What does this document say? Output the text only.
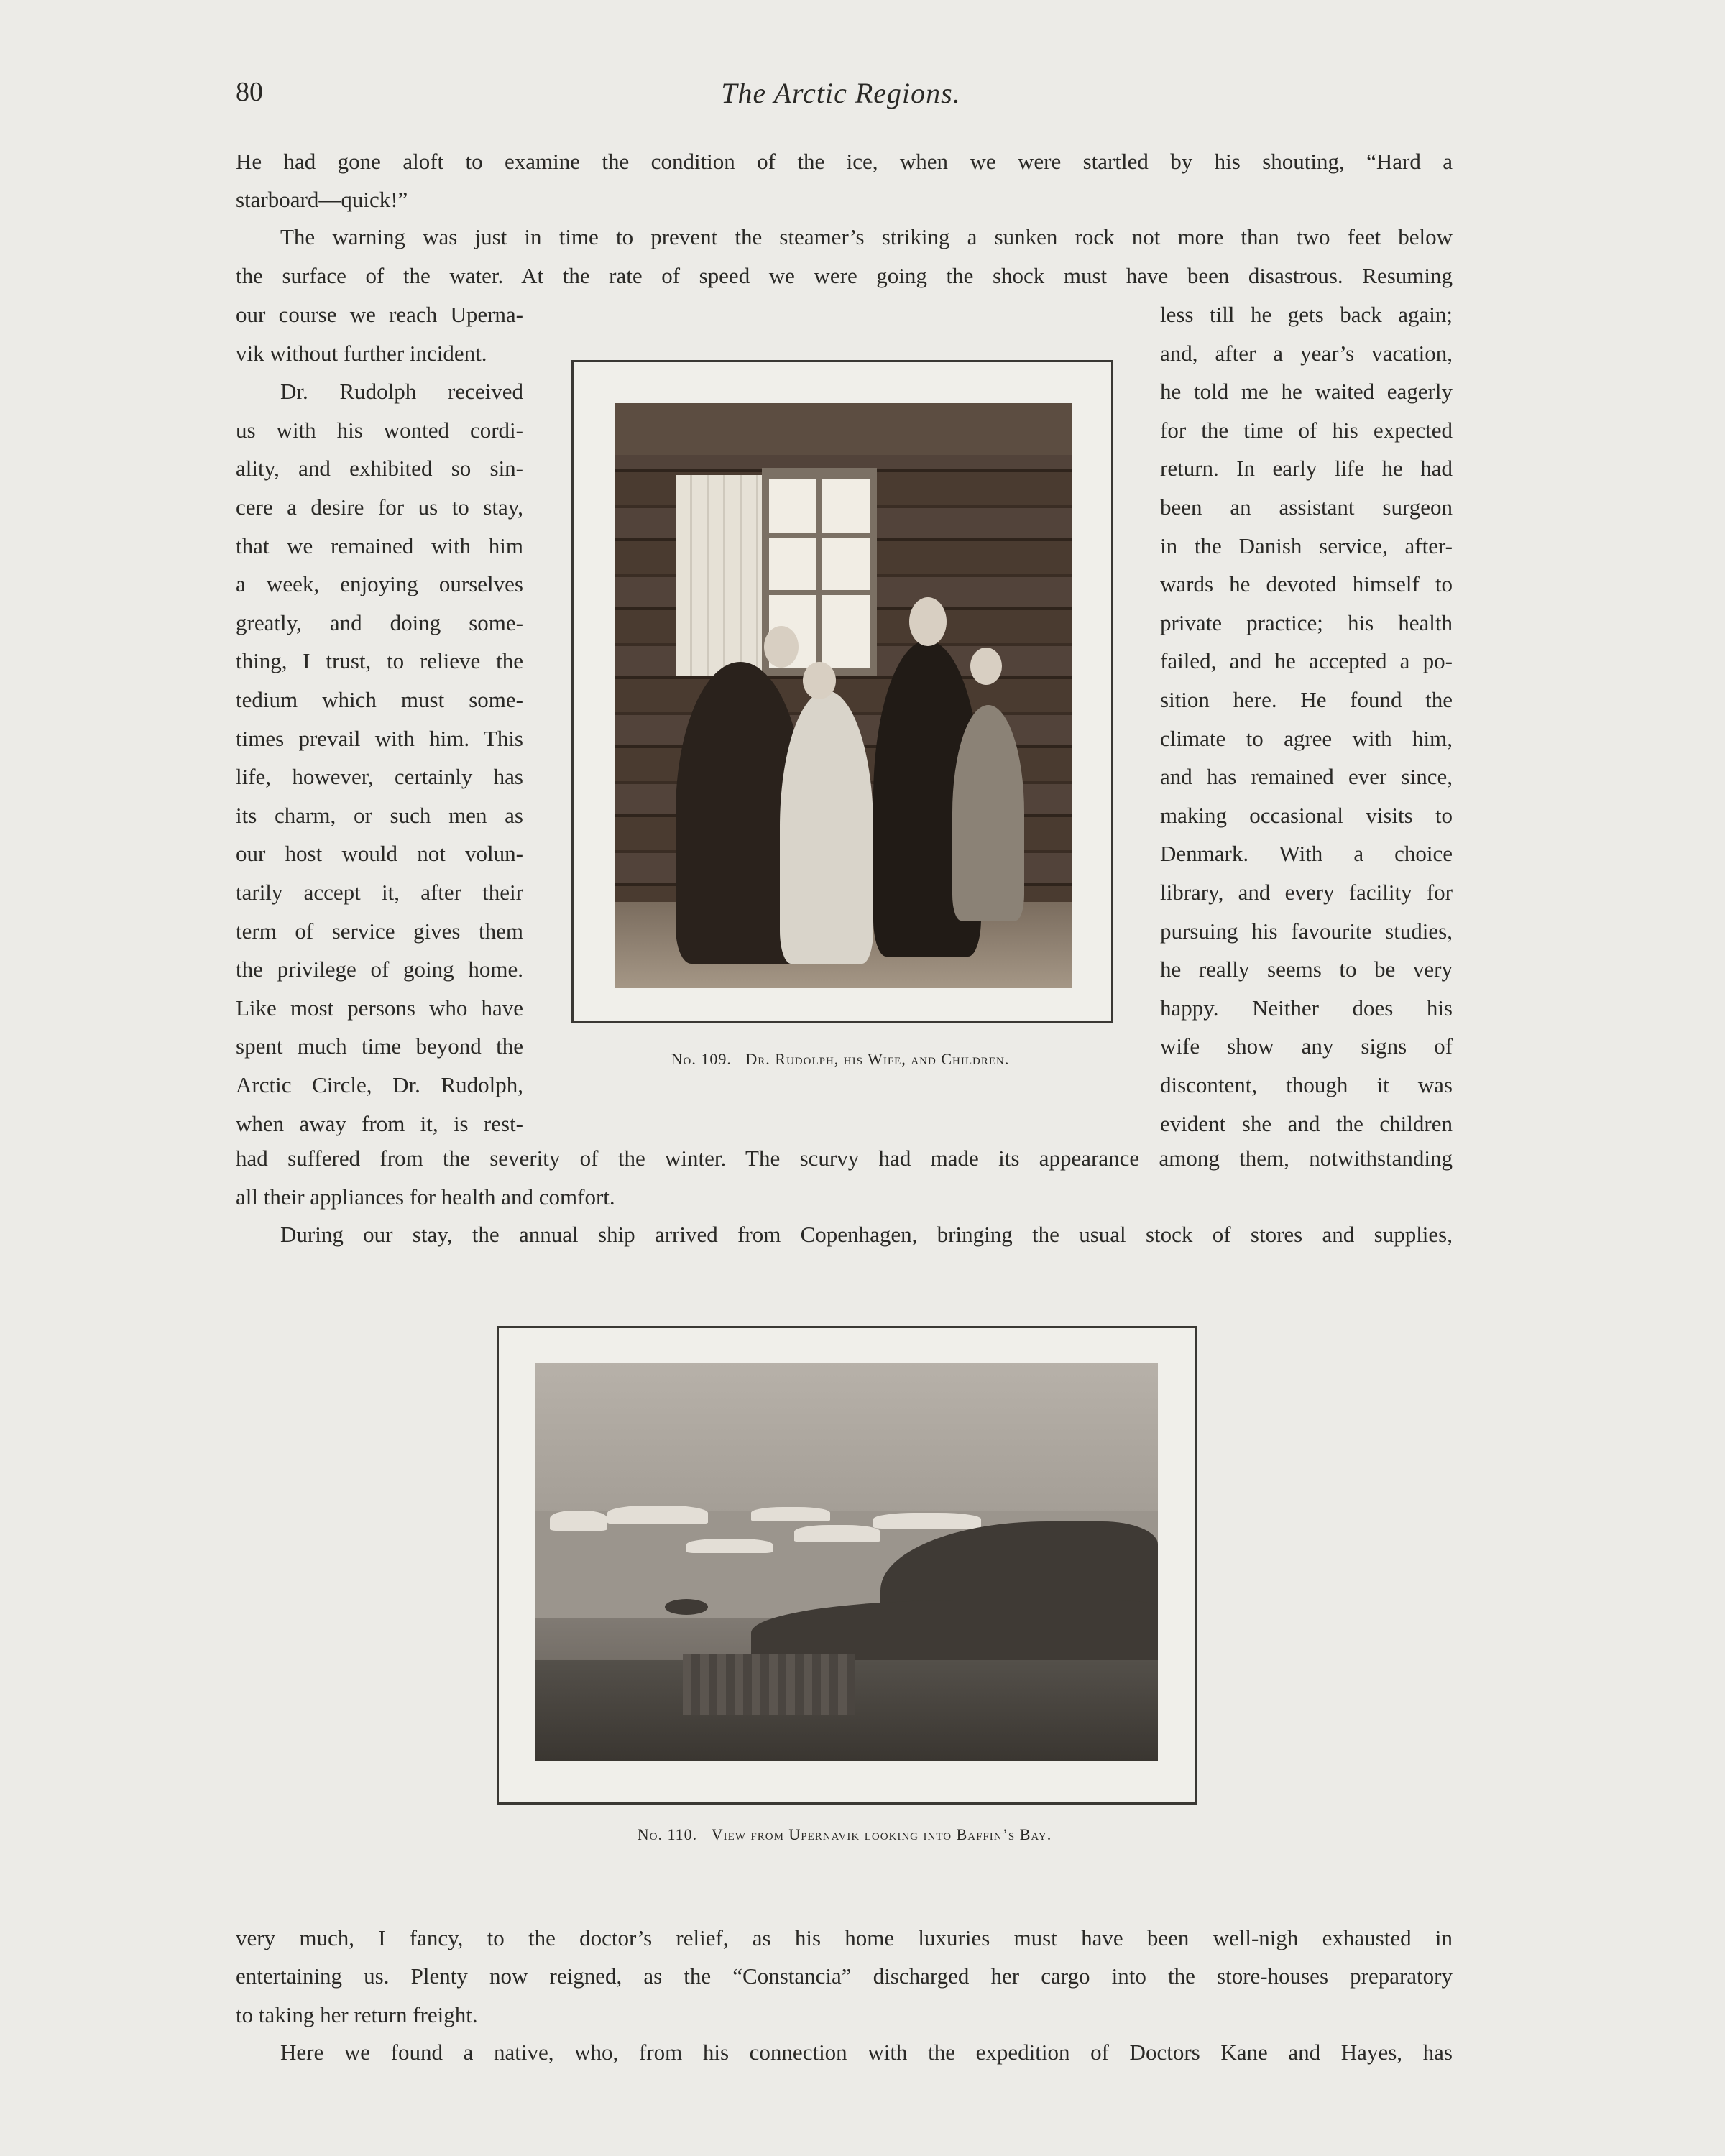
80	The Arctic Regions.
He had gone aloft to examine the condition of the ice, when we were startled by his shouting, “Hard a
starboard—quick!”
The warning was just in time to prevent the steamer’s striking a sunken rock not more than two feet below
the surface of the water. At the rate of speed we were going the shock must have been disastrous. Resuming
our course we reach Uperna-
vik without further incident.
Dr. Rudolph received
us with his wonted cordi-
ality, and exhibited so sin-
cere a desire for us to stay,
that we remained with him
a week, enjoying ourselves
greatly, and doing some-
thing, I trust, to relieve the
tedium which must some-
times prevail with him. This
life, however, certainly has
its charm, or such men as
our host would not volun-
tarily accept it, after their
term of service gives them
the privilege of going home.
Like most persons who have
spent much time beyond the
Arctic Circle, Dr. Rudolph,
when away from it, is rest-
less till he gets back again;
and, after a year’s vacation,
he told me he waited eagerly
for the time of his expected
return. In early life he had
been an assistant surgeon
in the Danish service, after-
wards he devoted himself to
private practice; his health
failed, and he accepted a po-
sition here. He found the
climate to agree with him,
and has remained ever since,
making occasional visits to
Denmark. With a choice
library, and every facility for
pursuing his favourite studies,
he really seems to be very
happy. Neither does his
wife show any signs of
discontent, though it was
evident she and the children
No. 109. Dr. Rudolph, his Wife, and Children.
had suffered from the severity of the winter. The scurvy had made its appearance among them, notwithstanding
all their appliances for health and comfort.
During our stay, the annual ship arrived from Copenhagen, bringing the usual stock of stores and supplies,
No. 110. View from Upernavik looking into Baffin’s Bay.
very much, I fancy, to the doctor’s relief, as his home luxuries must have been well-nigh exhausted in
entertaining us. Plenty now reigned, as the “Constancia” discharged her cargo into the store-houses preparatory
to taking her return freight.
Here we found a native, who, from his connection with the expedition of Doctors Kane and Hayes, has
